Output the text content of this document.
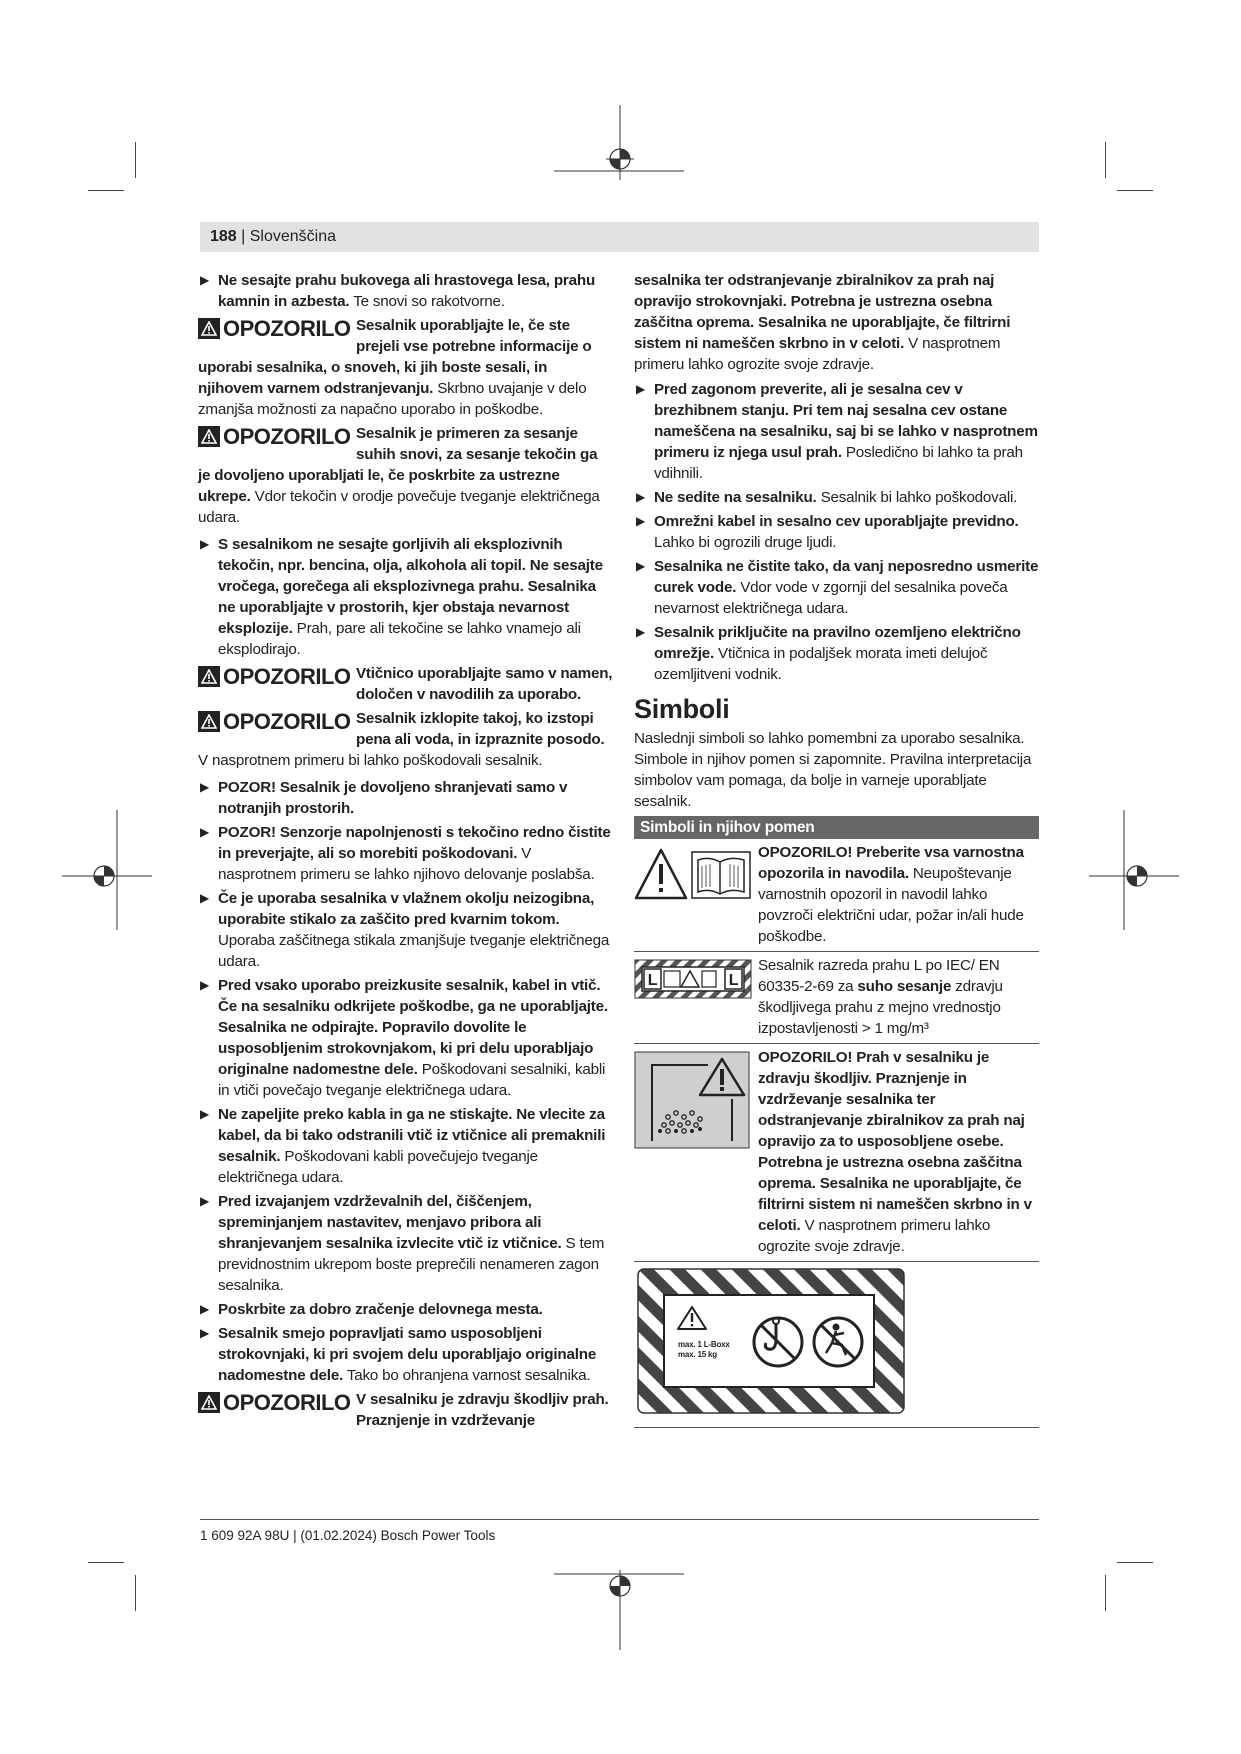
188 | Slovenščina
▶ Ne sesajte prahu bukovega ali hrastovega lesa, prahu kamnin in azbesta. Te snovi so rakotvorne.

OPOZORILO Sesalnik uporabljajte le, če ste prejeli vse potrebne informacije o uporabi sesalnika, o snoveh, ki jih boste sesali, in njihovem varnem odstranjevanju. Skrbno uvajanje v delo zmanjša možnosti za napačno uporabo in poškodbe.

OPOZORILO Sesalnik je primeren za sesanje suhih snovi, za sesanje tekočin ga je dovoljeno uporabljati le, če poskrbite za ustrezne ukrepe. Vdor tekočin v orodje povečuje tveganje električnega udara.

▶ S sesalnikom ne sesajte gorljivih ali eksplozivnih tekočin, npr. bencina, olja, alkohola ali topil. Ne sesajte vročega, gorečega ali eksplozivnega prahu. Sesalnika ne uporabljajte v prostorih, kjer obstaja nevarnost eksplozije. Prah, pare ali tekočine se lahko vnamejo ali eksplodirajo.

OPOZORILO Vtičnico uporabljajte samo v namen, določen v navodilih za uporabo.

OPOZORILO Sesalnik izklopite takoj, ko izstopi pena ali voda, in izpraznite posodo. V nasprotnem primeru bi lahko poškodovali sesalnik.

▶ POZOR! Sesalnik je dovoljeno shranjevati samo v notranjih prostorih.
▶ POZOR! Senzorje napolnjenosti s tekočino redno čistite in preverjajte, ali so morebiti poškodovani. V nasprotnem primeru se lahko njihovo delovanje poslabša.
▶ Če je uporaba sesalnika v vlažnem okolju neizogibna, uporabite stikalo za zaščito pred kvarnim tokom. Uporaba zaščitnega stikala zmanjšuje tveganje električnega udara.
▶ Pred vsako uporabo preizkusite sesalnik, kabel in vtič. Če na sesalniku odkrijete poškodbe, ga ne uporabljajte. Sesalnika ne odpirajte. Popravilo dovolite le usposobljenim strokovnjakom, ki pri delu uporabljajo originalne nadomestne dele. Poškodovani sesalniki, kabli in vtiči povečajo tveganje električnega udara.
▶ Ne zapeljite preko kabla in ga ne stiskajte. Ne vlecite za kabel, da bi tako odstranili vtič iz vtičnice ali premaknili sesalnik. Poškodovani kabli povečujejo tveganje električnega udara.
▶ Pred izvajanjem vzdrževalnih del, čiščenjem, spreminjanjem nastavitev, menjavo pribora ali shranjevanjem sesalnika izvlecite vtič iz vtičnice. S tem previdnostnim ukrepom boste preprečili nenameren zagon sesalnika.
▶ Poskrbite za dobro zračenje delovnega mesta.
▶ Sesalnik smejo popravljati samo usposobljeni strokovnjaki, ki pri svojem delu uporabljajo originalne nadomestne dele. Tako bo ohranjena varnost sesalnika.

OPOZORILO V sesalniku je zdravju škodljiv prah. Praznjenje in vzdrževanje

sesalnika ter odstranjevanje zbiralnikov za prah naj opravijo strokovnjaki. Potrebna je ustrezna osebna zaščitna oprema. Sesalnika ne uporabljajte, če filtrirni sistem ni nameščen skrbno in v celoti. V nasprotnem primeru lahko ogrozite svoje zdravje.

▶ Pred zagonom preverite, ali je sesalna cev v brezhibnem stanju. Pri tem naj sesalna cev ostane nameščena na sesalniku, saj bi se lahko v nasprotnem primeru iz njega usul prah. Posledično bi lahko ta prah vdihnili.
▶ Ne sedite na sesalniku. Sesalnik bi lahko poškodovali.
▶ Omrežni kabel in sesalno cev uporabljajte previdno. Lahko bi ogrozili druge ljudi.
▶ Sesalnika ne čistite tako, da vanj neposredno usmerite curek vode. Vdor vode v zgornji del sesalnika poveča nevarnost električnega udara.
▶ Sesalnik priključite na pravilno ozemljeno električno omrežje. Vtičnica in podaljšek morata imeti delujoč ozemljitveni vodnik.
Simboli

Naslednji simboli so lahko pomembni za uporabo sesalnika. Simbole in njihov pomen si zapomnite. Pravilna interpretacija simbolov vam pomaga, da bolje in varneje uporabljate sesalnik.

Simboli in njihov pomen
OPOZORILO! Preberite vsa varnostna opozorila in navodila. Neupoštevanje varnostnih opozoril in navodil lahko povzroči električni udar, požar in/ali hude poškodbe.
L	L
Sesalnik razreda prahu L po IEC/ EN 60335-2-69 za suho sesanje zdravju škodljivega prahu z mejno vrednostjo izpostavljenosti > 1 mg/m³
OPOZORILO! Prah v sesalniku je zdravju škodljiv. Praznjenje in vzdrževanje sesalnika ter odstranjevanje zbiralnikov za prah naj opravijo za to usposobljene osebe. Potrebna je ustrezna osebna zaščitna oprema. Sesalnika ne uporabljajte, če filtrirni sistem ni nameščen skrbno in v celoti. V nasprotnem primeru lahko ogrozite svoje zdravje.
max. 1 L-Boxx
max. 15 kg
1 609 92A 98U | (01.02.2024) Bosch Power Tools
